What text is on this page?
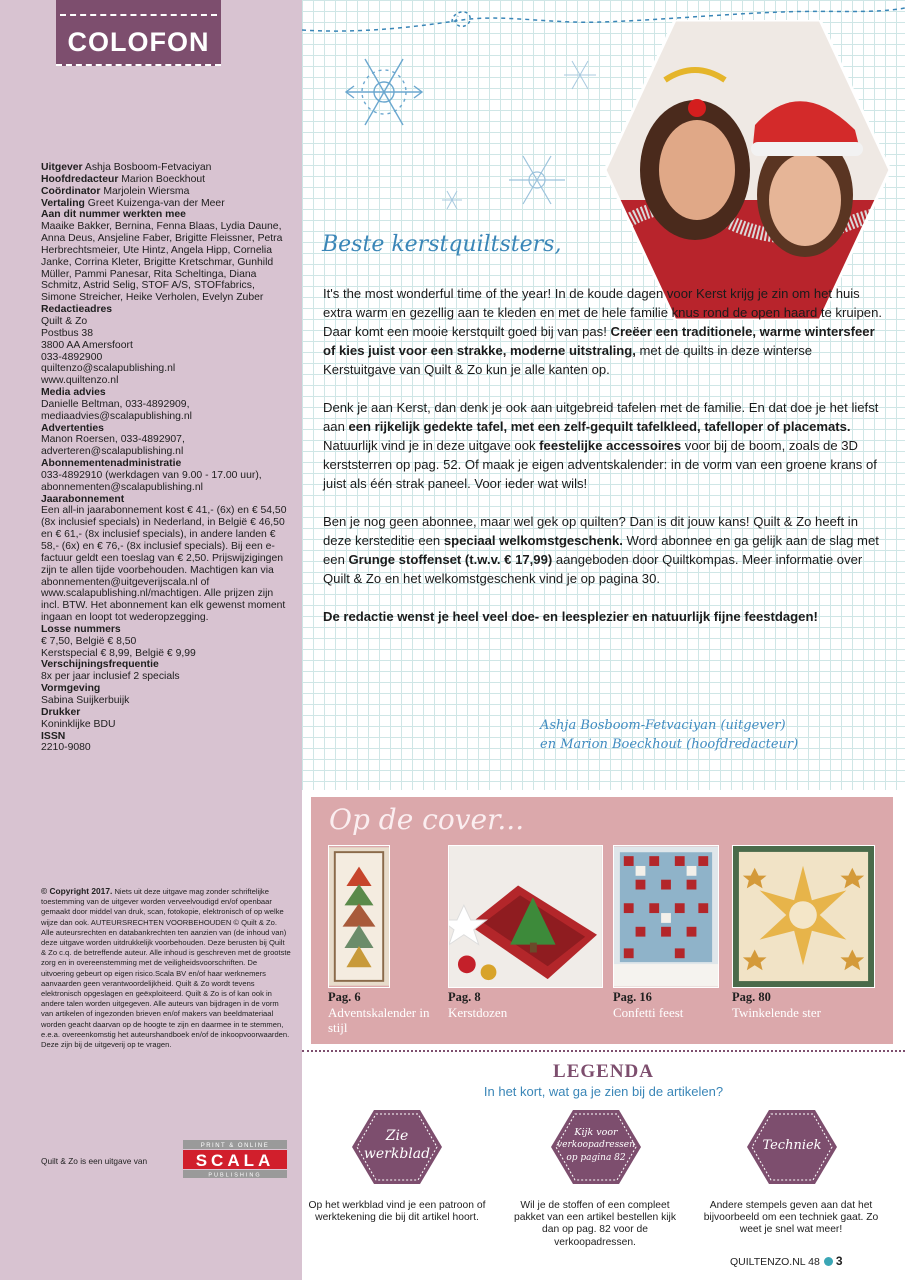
COLOFON
Uitgever Ashja Bosboom-Fetvaciyan
Hoofdredacteur Marion Boeckhout
Coördinator Marjolein Wiersma
Vertaling Greet Kuizenga-van der Meer
Aan dit nummer werkten mee
Maaike Bakker, Bernina, Fenna Blaas, Lydia Daune, Anna Deus, Ansjeline Faber, Brigitte Fleissner, Petra Herbrechtsmeier, Ute Hintz, Angela Hipp, Cornelia Janke, Corrina Kleter, Brigitte Kretschmar, Gunhild Müller, Pammi Panesar, Rita Scheltinga, Diana Schmitz, Astrid Selig, STOF A/S, STOFfabrics, Simone Streicher, Heike Verholen, Evelyn Zuber
Redactieadres
Quilt & Zo
Postbus 38
3800 AA Amersfoort
033-4892900
quiltenzo@scalapublishing.nl
www.quiltenzo.nl
Media advies
Danielle Beltman, 033-4892909,
mediaadvies@scalapublishing.nl
Advertenties
Manon Roersen, 033-4892907,
adverteren@scalapublishing.nl
Abonnementenadministratie
033-4892910 (werkdagen van 9.00 - 17.00 uur),
abonnementen@scalapublishing.nl
Jaarabonnement
Een all-in jaarabonnement kost € 41,- (6x) en € 54,50 (8x inclusief specials) in Nederland, in België € 46,50 en € 61,- (8x inclusief specials), in andere landen € 58,- (6x) en € 76,- (8x inclusief specials). Bij een e-factuur geldt een toeslag van € 2,50. Prijswijzigingen zijn te allen tijde voorbehouden. Machtigen kan via abonnementen@uitgeverijscala.nl of www.scalapublishing.nl/machtigen. Alle prijzen zijn incl. BTW. Het abonnement kan elk gewenst moment ingaan en loopt tot wederopzegging.
Losse nummers
€ 7,50, België € 8,50
Kerstspecial € 8,99, België € 9,99
Verschijningsfrequentie
8x per jaar inclusief 2 specials
Vormgeving
Sabina Suijkerbuijk
Drukker
Koninklijke BDU
ISSN
2210-9080
© Copyright 2017. Niets uit deze uitgave mag zonder schriftelijke toestemming van de uitgever worden verveelvoudigd en/of openbaar gemaakt door middel van druk, scan, fotokopie, elektronisch of op welke wijze dan ook. AUTEURSRECHTEN VOORBEHOUDEN © Quilt & Zo. Alle auteursrechten en databankrechten ten aanzien van (de inhoud van) deze uitgave worden uitdrukkelijk voorbehouden. Deze berusten bij Quilt & Zo c.q. de betreffende auteur. Alle inhoud is geschreven met de grootste zorg en in overeenstemming met de veiligheidsvoorschriften. De uitvoering gebeurt op eigen risico.Scala BV en/of haar werknemers aanvaarden geen verantwoordelijkheid. Quilt & Zo wordt tevens elektronisch opgeslagen en geëxploiteerd. Quilt & Zo is of kan ook in andere talen worden uitgegeven. Alle auteurs van bijdragen in de vorm van artikelen of ingezonden brieven en/of makers van beeldmateriaal worden geacht daarvan op de hoogte te zijn en daarmee in te stemmen, e.e.a. overeenkomstig het auteurshandboek en/of de inkoopvoorwaarden. Deze zijn bij de uitgeverij op te vragen.
Quilt & Zo is een uitgave van
PRINT & ONLINE
SCALA
PUBLISHING
Beste kerstquiltsters,

It's the most wonderful time of the year! In de koude dagen voor Kerst krijg je zin om het huis extra warm en gezellig aan te kleden en met de hele familie knus rond de open haard te kruipen. Daar komt een mooie kerstquilt goed bij van pas! Creëer een traditionele, warme wintersfeer of kies juist voor een strakke, moderne uitstraling, met de quilts in deze winterse Kerstuitgave van Quilt & Zo kun je alle kanten op.

Denk je aan Kerst, dan denk je ook aan uitgebreid tafelen met de familie. En dat doe je het liefst aan een rijkelijk gedekte tafel, met een zelf-gequilt tafelkleed, tafelloper of placemats. Natuurlijk vind je in deze uitgave ook feestelijke accessoires voor bij de boom, zoals de 3D kerststerren op pag. 52. Of maak je eigen adventskalender: in de vorm van een groene krans of juist als één strak paneel. Voor ieder wat wils!

Ben je nog geen abonnee, maar wel gek op quilten? Dan is dit jouw kans! Quilt & Zo heeft in deze kersteditie een speciaal welkomstgeschenk. Word abonnee en ga gelijk aan de slag met een Grunge stoffenset (t.w.v. € 17,99) aangeboden door Quiltkompas. Meer informatie over Quilt & Zo en het welkomstgeschenk vind je op pagina 30.

De redactie wenst je heel veel doe- en leesplezier en natuurlijk fijne feestdagen!

Ashja Bosboom-Fetvaciyan (uitgever)
en Marion Boeckhout (hoofdredacteur)
Op de cover...
Pag. 6
Adventskalender in stijl
Pag. 8
Kerstdozen
Pag. 16
Confetti feest
Pag. 80
Twinkelende ster
LEGENDA
In het kort, wat ga je zien bij de artikelen?
Zie
werkblad
Kijk voor
verkoopadressen
op pagina 82
Techniek
Op het werkblad vind je een patroon of werktekening die bij dit artikel hoort.
Wil je de stoffen of een compleet pakket van een artikel bestellen kijk dan op pag. 82 voor de verkoopadressen.
Andere stempels geven aan dat het bijvoorbeeld om een techniek gaat. Zo weet je snel wat meer!
QUILTENZO.NL 48 3
